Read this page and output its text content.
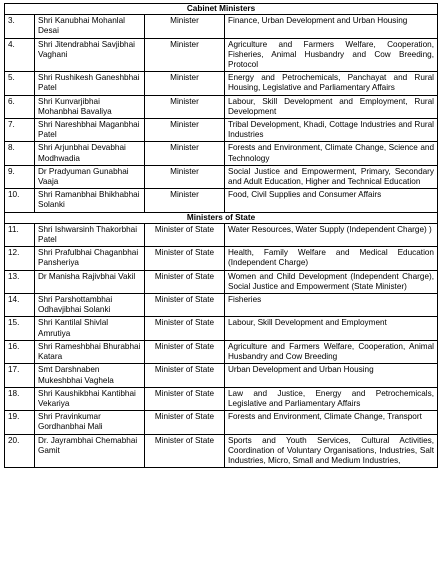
Cabinet Ministers			
3.	Shri Kanubhai Mohanlal Desai	Minister	Finance, Urban Development and Urban Housing
4.	Shri Jitendrabhai Savjibhai Vaghani	Minister	Agriculture and Farmers Welfare, Cooperation, Fisheries, Animal Husbandry and Cow Breeding, Protocol
5.	Shri Rushikesh Ganeshbhai Patel	Minister	Energy and Petrochemicals, Panchayat and Rural Housing, Legislative and Parliamentary Affairs
6.	Shri Kunvarjibhai Mohanbhai Bavaliya	Minister	Labour, Skill Development and Employment, Rural Development
7.	Shri Nareshbhai Maganbhai Patel	Minister	Tribal Development, Khadi, Cottage Industries and Rural Industries
8.	Shri Arjunbhai Devabhai Modhwadia	Minister	Forests and Environment, Climate Change, Science and Technology
9.	Dr Pradyuman Gunabhai Vaaja	Minister	Social Justice and Empowerment, Primary, Secondary and Adult Education, Higher and Technical Education
10.	Shri Ramanbhai Bhikhabhai Solanki	Minister	Food, Civil Supplies and Consumer Affairs
Ministers of State			
11.	Shri Ishwarsinh Thakorbhai Patel	Minister of State	Water Resources, Water Supply (Independent Charge) )
12.	Shri Prafulbhai Chaganbhai Pansheriya	Minister of State	Health, Family Welfare and Medical Education (Independent Charge)
13.	Dr Manisha Rajivbhai Vakil	Minister of State	Women and Child Development (Independent Charge), Social Justice and Empowerment (State Minister)
14.	Shri Parshottambhai Odhavjibhai Solanki	Minister of State	Fisheries
15.	Shri Kantilal Shivlal Amrutiya	Minister of State	Labour, Skill Development and Employment
16.	Shri Rameshbhai Bhurabhai Katara	Minister of State	Agriculture and Farmers Welfare, Cooperation, Animal Husbandry and Cow Breeding
17.	Smt Darshnaben Mukeshbhai Vaghela	Minister of State	Urban Development and Urban Housing
18.	Shri Kaushikbhai Kantibhai Vekariya	Minister of State	Law and Justice, Energy and Petrochemicals, Legislative and Parliamentary Affairs
19.	Shri Pravinkumar Gordhanbhai Mali	Minister of State	Forests and Environment, Climate Change, Transport
20.	Dr. Jayrambhai Chemabhai Gamit	Minister of State	Sports and Youth Services, Cultural Activities, Coordination of Voluntary Organisations, Industries, Salt Industries, Micro, Small and Medium Industries,
